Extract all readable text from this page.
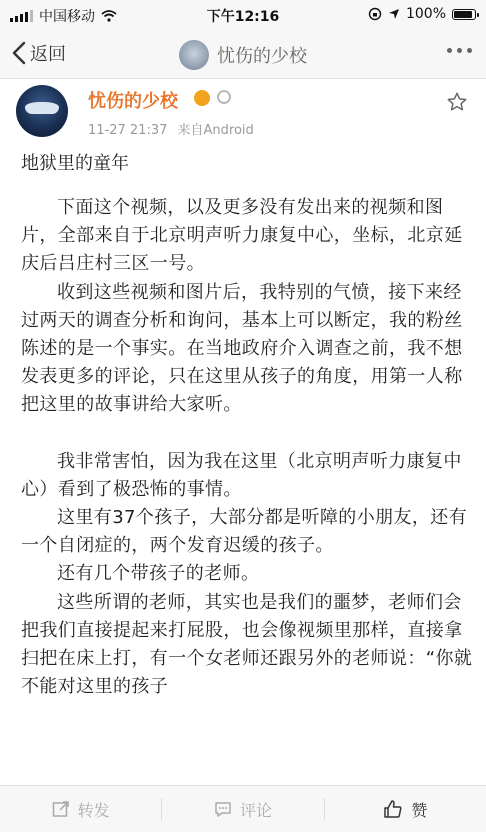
中国移动	下午12:16	100%
返回	忧伤的少校
忧伤的少校
11-27 21:37 来自Android
地狱里的童年

下面这个视频，以及更多没有发出来的视频和图片，全部来自于北京明声听力康复中心，坐标，北京延庆后吕庄村三区一号。

收到这些视频和图片后，我特别的气愤，接下来经过两天的调查分析和询问，基本上可以断定，我的粉丝陈述的是一个事实。在当地政府介入调查之前，我不想发表更多的评论，只在这里从孩子的角度，用第一人称把这里的故事讲给大家听。

我非常害怕，因为我在这里（北京明声听力康复中心）看到了极恐怖的事情。

这里有37个孩子，大部分都是听障的小朋友，还有一个自闭症的，两个发育迟缓的孩子。

还有几个带孩子的老师。

这些所谓的老师，其实也是我们的噩梦，老师们会把我们直接提起来打屁股，也会像视频里那样，直接拿扫把在床上打，有一个女老师还跟另外的老师说：“你就不能对这里的孩子

转发	评论	赞
